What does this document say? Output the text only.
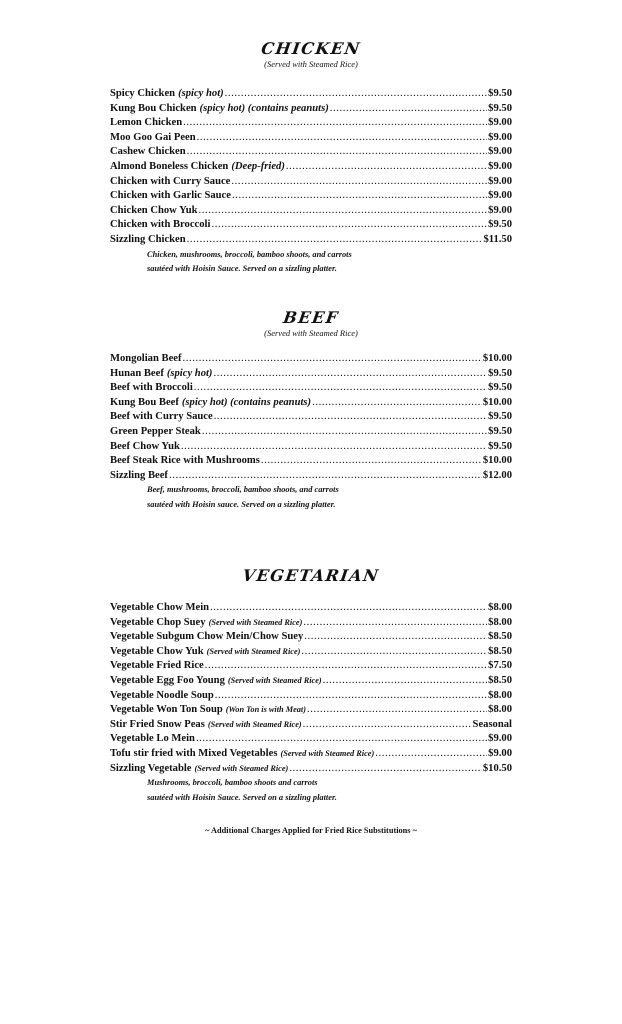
CHICKEN
(Served with Steamed Rice)
Spicy Chicken (spicy hot) .....	$9.50
Kung Bou Chicken (spicy hot) (contains peanuts) .....	$9.50
Lemon Chicken .....	$9.00
Moo Goo Gai Peen .....	$9.00
Cashew Chicken .....	$9.00
Almond Boneless Chicken (Deep-fried) .....	$9.00
Chicken with Curry Sauce .....	$9.00
Chicken with Garlic Sauce .....	$9.00
Chicken Chow Yuk .....	$9.00
Chicken with Broccoli .....	$9.50
Sizzling Chicken .....	$11.50
Chicken, mushrooms, broccoli, bamboo shoots, and carrots
sautéed with Hoisin Sauce. Served on a sizzling platter.
BEEF
(Served with Steamed Rice)
Mongolian Beef .....	$10.00
Hunan Beef (spicy hot) .....	$9.50
Beef with Broccoli .....	$9.50
Kung Bou Beef (spicy hot) (contains peanuts) .....	$10.00
Beef with Curry Sauce .....	$9.50
Green Pepper Steak .....	$9.50
Beef Chow Yuk .....	$9.50
Beef Steak Rice with Mushrooms .....	$10.00
Sizzling Beef .....	$12.00
Beef, mushrooms, broccoli, bamboo shoots, and carrots
sautéed with Hoisin sauce. Served on a sizzling platter.
VEGETARIAN
Vegetable Chow Mein .....	$8.00
Vegetable Chop Suey (Served with Steamed Rice) .....	$8.00
Vegetable Subgum Chow Mein/Chow Suey .....	$8.50
Vegetable Chow Yuk (Served with Steamed Rice) .....	$8.50
Vegetable Fried Rice .....	$7.50
Vegetable Egg Foo Young (Served with Steamed Rice) .....	$8.50
Vegetable Noodle Soup .....	$8.00
Vegetable Won Ton Soup (Won Ton is with Meat) .....	$8.00
Stir Fried Snow Peas (Served with Steamed Rice) .....	Seasonal
Vegetable Lo Mein .....	$9.00
Tofu stir fried with Mixed Vegetables (Served with Steamed Rice) .....	$9.00
Sizzling Vegetable (Served with Steamed Rice) .....	$10.50
Mushrooms, broccoli, bamboo shoots and carrots
sautéed with Hoisin Sauce. Served on a sizzling platter.
~ Additional Charges Applied for Fried Rice Substitutions ~
